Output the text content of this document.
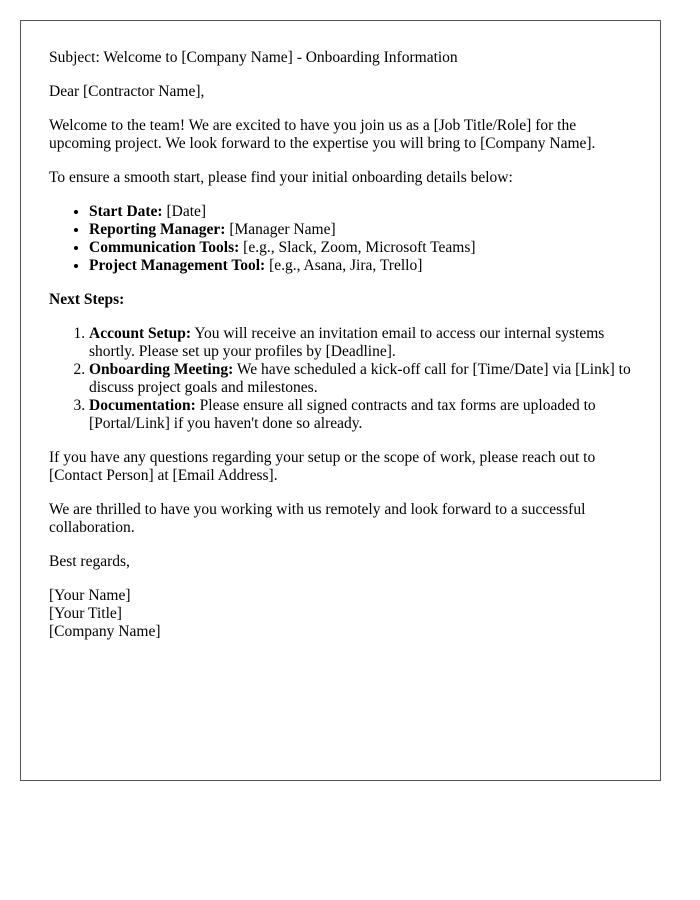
Subject: Welcome to [Company Name] - Onboarding Information

Dear [Contractor Name],

Welcome to the team! We are excited to have you join us as a [Job Title/Role] for the upcoming project. We look forward to the expertise you will bring to [Company Name].

To ensure a smooth start, please find your initial onboarding details below:

• Start Date: [Date]
• Reporting Manager: [Manager Name]
• Communication Tools: [e.g., Slack, Zoom, Microsoft Teams]
• Project Management Tool: [e.g., Asana, Jira, Trello]

Next Steps:

1. Account Setup: You will receive an invitation email to access our internal systems shortly. Please set up your profiles by [Deadline].
2. Onboarding Meeting: We have scheduled a kick-off call for [Time/Date] via [Link] to discuss project goals and milestones.
3. Documentation: Please ensure all signed contracts and tax forms are uploaded to [Portal/Link] if you haven't done so already.

If you have any questions regarding your setup or the scope of work, please reach out to [Contact Person] at [Email Address].

We are thrilled to have you working with us remotely and look forward to a successful collaboration.

Best regards,

[Your Name]
[Your Title]
[Company Name]
